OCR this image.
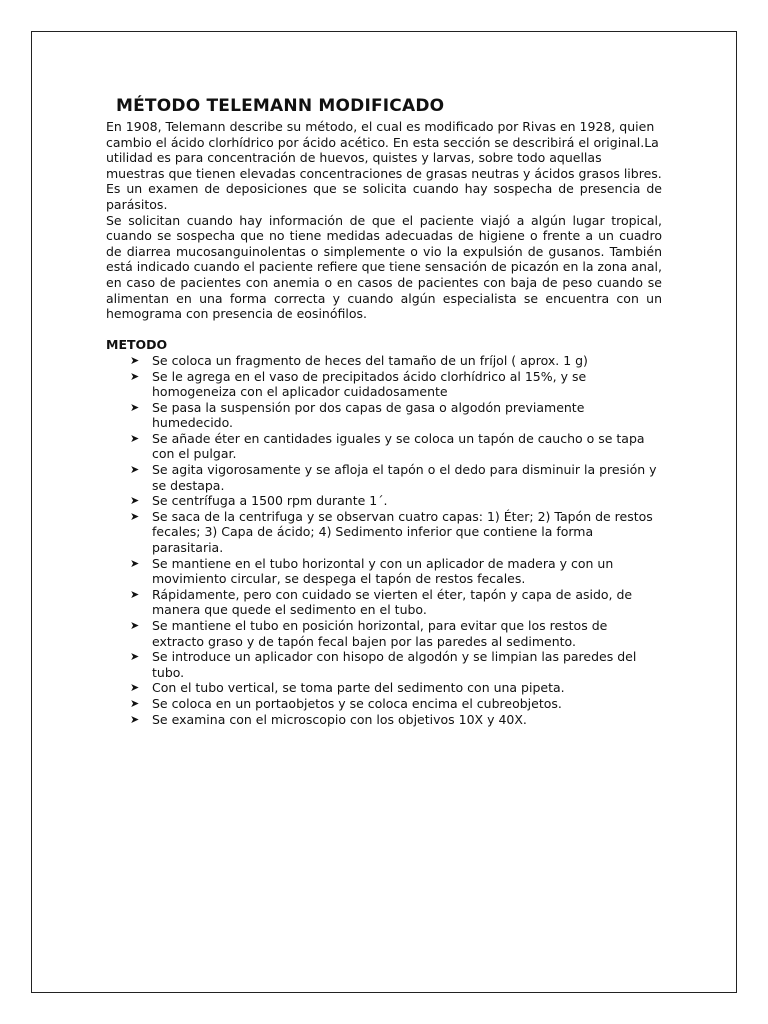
MÉTODO TELEMANN MODIFICADO

En 1908, Telemann describe su método, el cual es modificado por Rivas en 1928, quien cambio el ácido clorhídrico por ácido acético. En esta sección se describirá el original.La utilidad es para concentración de huevos, quistes y larvas, sobre todo aquellas muestras que tienen elevadas concentraciones de grasas neutras y ácidos grasos libres.

Es un examen de deposiciones que se solicita cuando hay sospecha de presencia de parásitos.

Se solicitan cuando hay información de que el paciente viajó a algún lugar tropical, cuando se sospecha que no tiene medidas adecuadas de higiene o frente a un cuadro de diarrea mucosanguinolentas o simplemente o vio la expulsión de gusanos. También está indicado cuando el paciente refiere que tiene sensación de picazón en la zona anal, en caso de pacientes con anemia o en casos de pacientes con baja de peso cuando se alimentan en una forma correcta y cuando algún especialista se encuentra con un hemograma con presencia de eosinófilos.

METODO

➤ Se coloca un fragmento de heces del tamaño de un fríjol ( aprox. 1 g)
➤ Se le agrega en el vaso de precipitados ácido clorhídrico al 15%, y se homogeneiza con el aplicador cuidadosamente
➤ Se pasa la suspensión por dos capas de gasa o algodón previamente humedecido.
➤ Se añade éter en cantidades iguales y se coloca un tapón de caucho o se tapa con el pulgar.
➤ Se agita vigorosamente y se afloja el tapón o el dedo para disminuir la presión y se destapa.
➤ Se centrífuga a 1500 rpm durante 1´.
➤ Se saca de la centrifuga y se observan cuatro capas: 1) Éter; 2) Tapón de restos fecales; 3) Capa de ácido; 4) Sedimento inferior que contiene la forma parasitaria.
➤ Se mantiene en el tubo horizontal y con un aplicador de madera y con un movimiento circular, se despega el tapón de restos fecales.
➤ Rápidamente, pero con cuidado se vierten el éter, tapón y capa de asido, de manera que quede el sedimento en el tubo.
➤ Se mantiene el tubo en posición horizontal, para evitar que los restos de extracto graso y de tapón fecal bajen por las paredes al sedimento.
➤ Se introduce un aplicador con hisopo de algodón y se limpian las paredes del tubo.
➤ Con el tubo vertical, se toma parte del sedimento con una pipeta.
➤ Se coloca en un portaobjetos y se coloca encima el cubreobjetos.
➤ Se examina con el microscopio con los objetivos 10X y 40X.
